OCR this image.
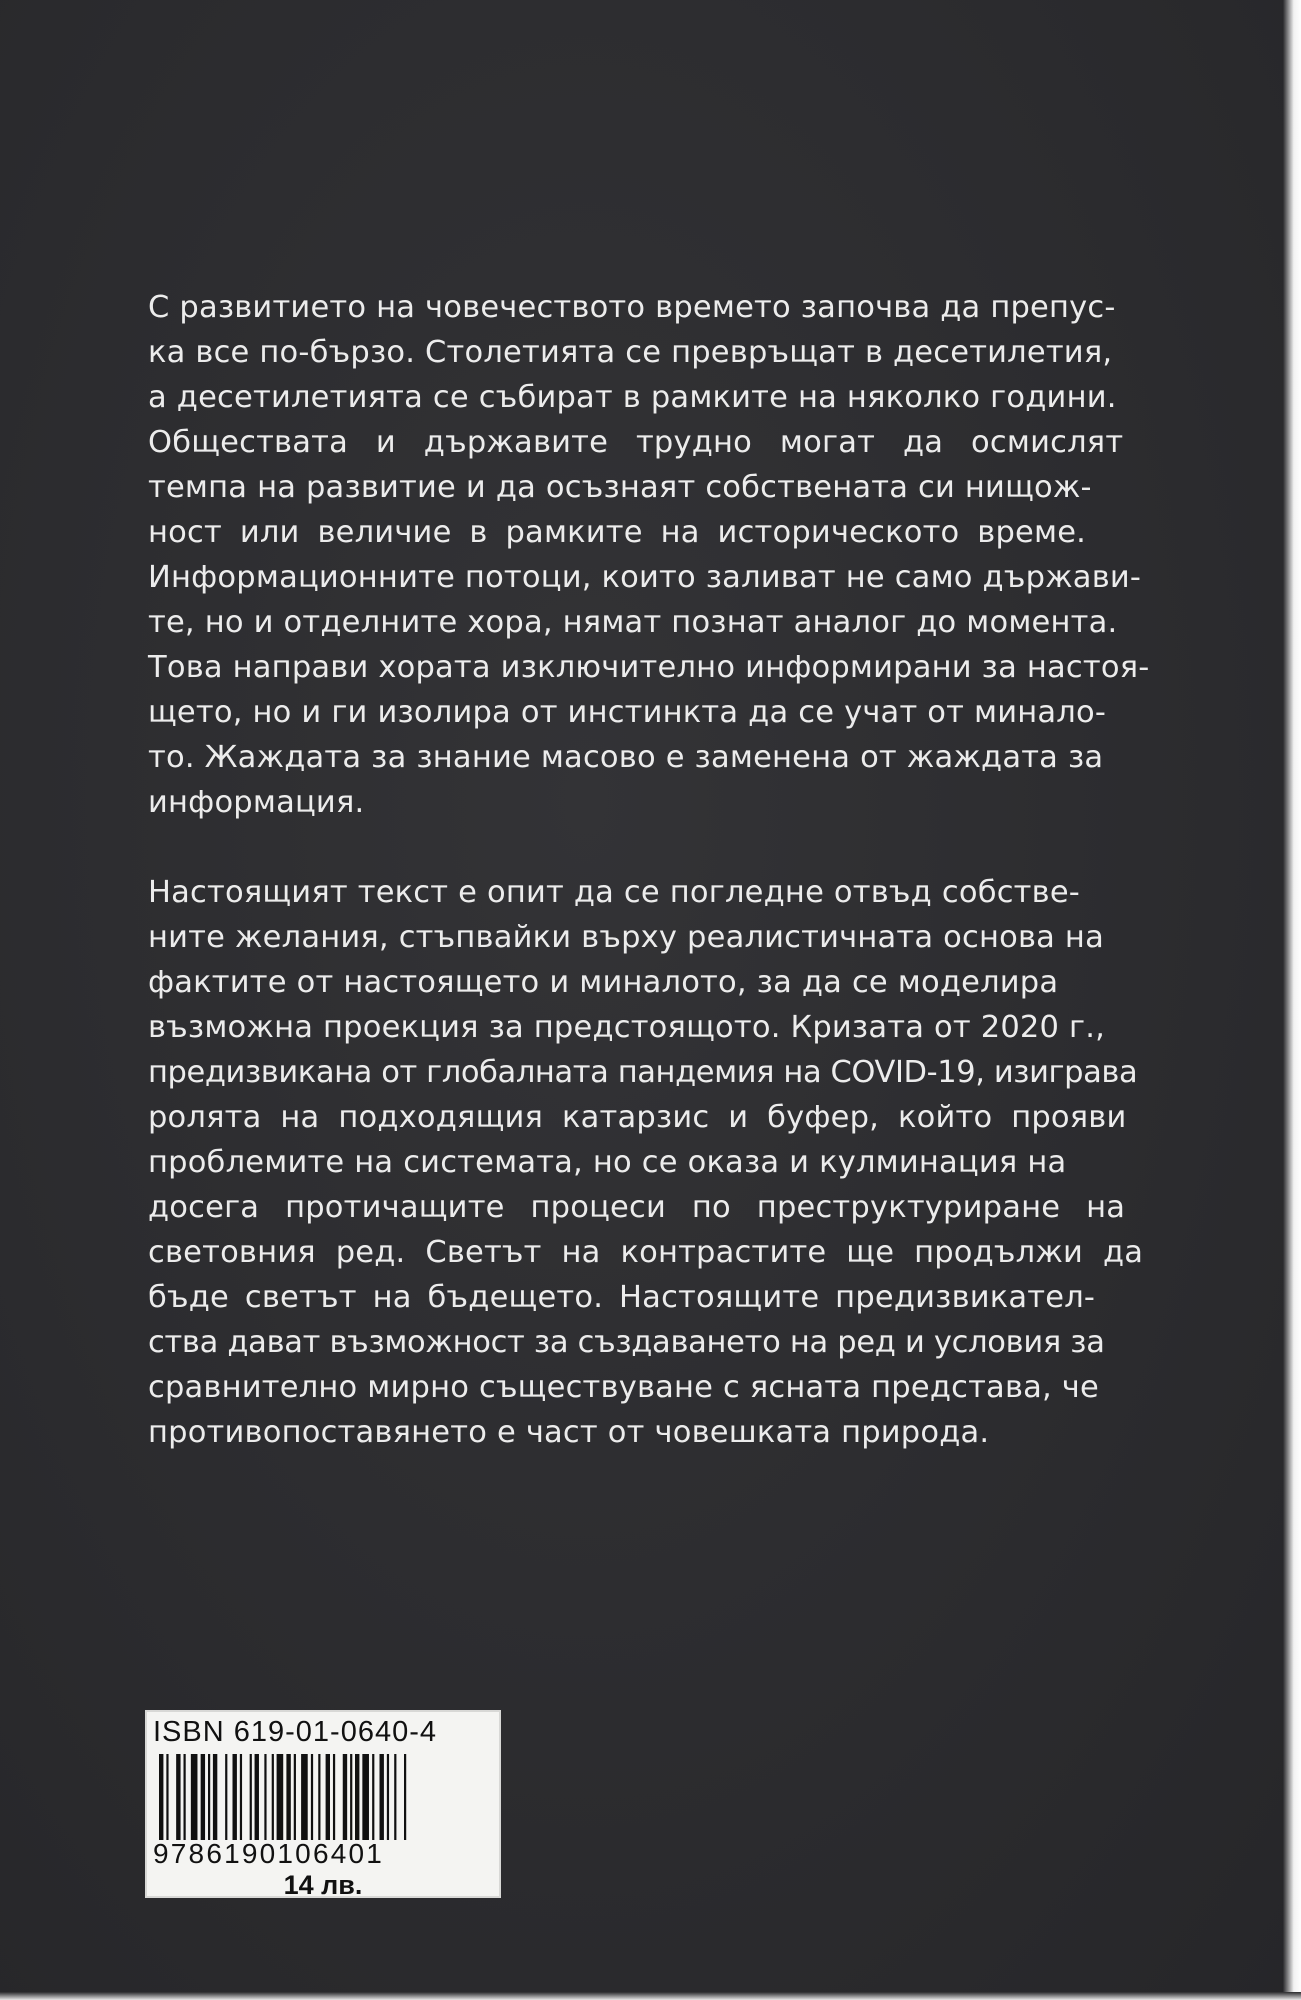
С развитието на човечеството времето започва да препус-

ка все по-бързо. Столетията се превръщат в десетилетия,

а десетилетията се събират в рамките на няколко години.

Обществата и държавите трудно могат да осмислят

темпа на развитие и да осъзнаят собствената си нищож-

ност или величие в рамките на историческото време.

Информационните потоци, които заливат не само държави-

те, но и отделните хора, нямат познат аналог до момента.

Това направи хората изключително информирани за настоя-

щето, но и ги изолира от инстинкта да се учат от минало-

то. Жаждата за знание масово е заменена от жаждата за

информация.

Настоящият текст е опит да се погледне отвъд собстве-

ните желания, стъпвайки върху реалистичната основа на

фактите от настоящето и миналото, за да се моделира

възможна проекция за предстоящото. Кризата от 2020 г.,

предизвикана от глобалната пандемия на COVID-19, изиграва

ролята на подходящия катарзис и буфер, който прояви

проблемите на системата, но се оказа и кулминация на

досега протичащите процеси по преструктуриране на

световния ред. Светът на контрастите ще продължи да

бъде светът на бъдещето. Настоящите предизвикател-

ства дават възможност за създаването на ред и условия за

сравнително мирно съществуване с ясната представа, че

противопоставянето е част от човешката природа.

ISBN 619-01-0640-4
9786190106401
14 лв.
